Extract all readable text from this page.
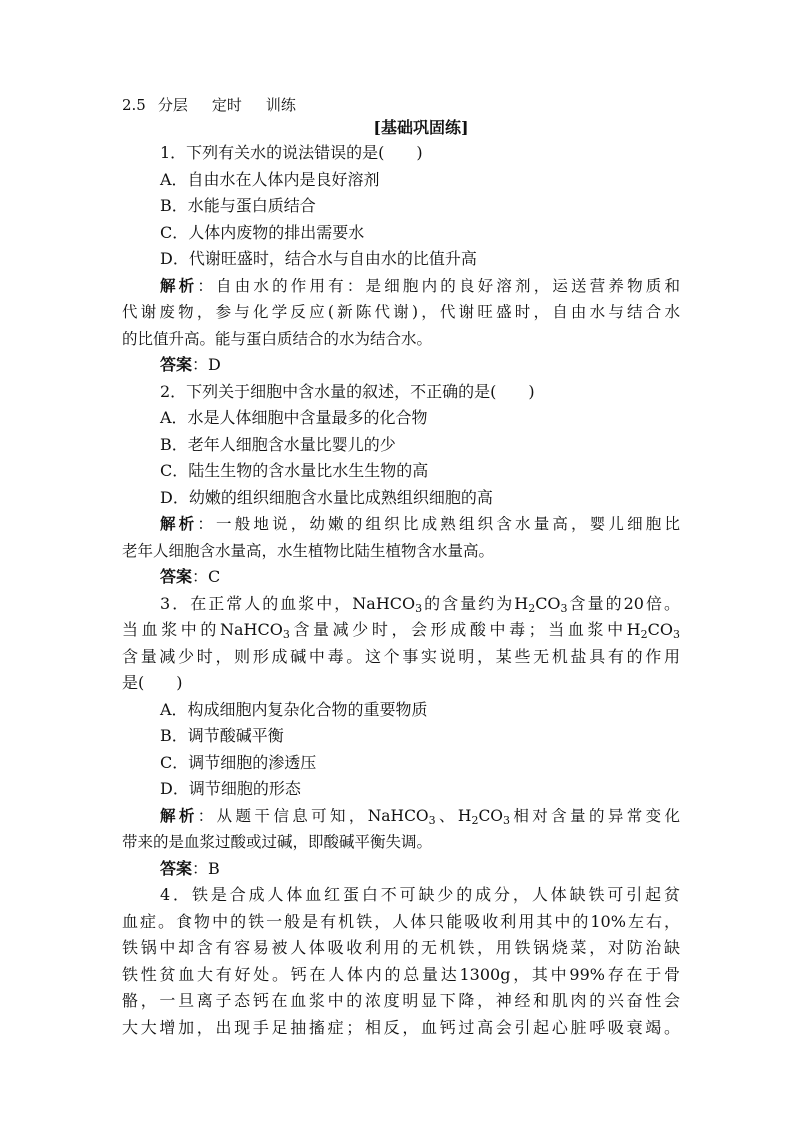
2.5 分层 定时 训练
[基础巩固练]
1．下列有关水的说法错误的是(　　)
A．自由水在人体内是良好溶剂
B．水能与蛋白质结合
C．人体内废物的排出需要水
D．代谢旺盛时，结合水与自由水的比值升高
解析：自由水的作用有：是细胞内的良好溶剂，运送营养物质和
代谢废物，参与化学反应(新陈代谢)，代谢旺盛时，自由水与结合水
的比值升高。能与蛋白质结合的水为结合水。
答案：D
2．下列关于细胞中含水量的叙述，不正确的是(　　)
A．水是人体细胞中含量最多的化合物
B．老年人细胞含水量比婴儿的少
C．陆生生物的含水量比水生生物的高
D．幼嫩的组织细胞含水量比成熟组织细胞的高
解析：一般地说，幼嫩的组织比成熟组织含水量高，婴儿细胞比
老年人细胞含水量高，水生植物比陆生植物含水量高。
答案：C
3．在正常人的血浆中，NaHCO$_3$的含量约为$H_2CO_3$含量的20倍。
当血浆中的NaHCO$_3$含量减少时，会形成酸中毒；当血浆中$H_2CO_3$
含量减少时，则形成碱中毒。这个事实说明，某些无机盐具有的作用
是(　　)
A．构成细胞内复杂化合物的重要物质
B．调节酸碱平衡
C．调节细胞的渗透压
D．调节细胞的形态
解析：从题干信息可知，NaHCO$_3$、$H_2CO_3$相对含量的异常变化
带来的是血浆过酸或过碱，即酸碱平衡失调。
答案：B
4．铁是合成人体血红蛋白不可缺少的成分，人体缺铁可引起贫
血症。食物中的铁一般是有机铁，人体只能吸收利用其中的10%左右，
铁锅中却含有容易被人体吸收利用的无机铁，用铁锅烧菜，对防治缺
铁性贫血大有好处。钙在人体内的总量达1300g，其中99%存在于骨
骼，一旦离子态钙在血浆中的浓度明显下降，神经和肌肉的兴奋性会
大大增加，出现手足抽搐症；相反，血钙过高会引起心脏呼吸衰竭。
